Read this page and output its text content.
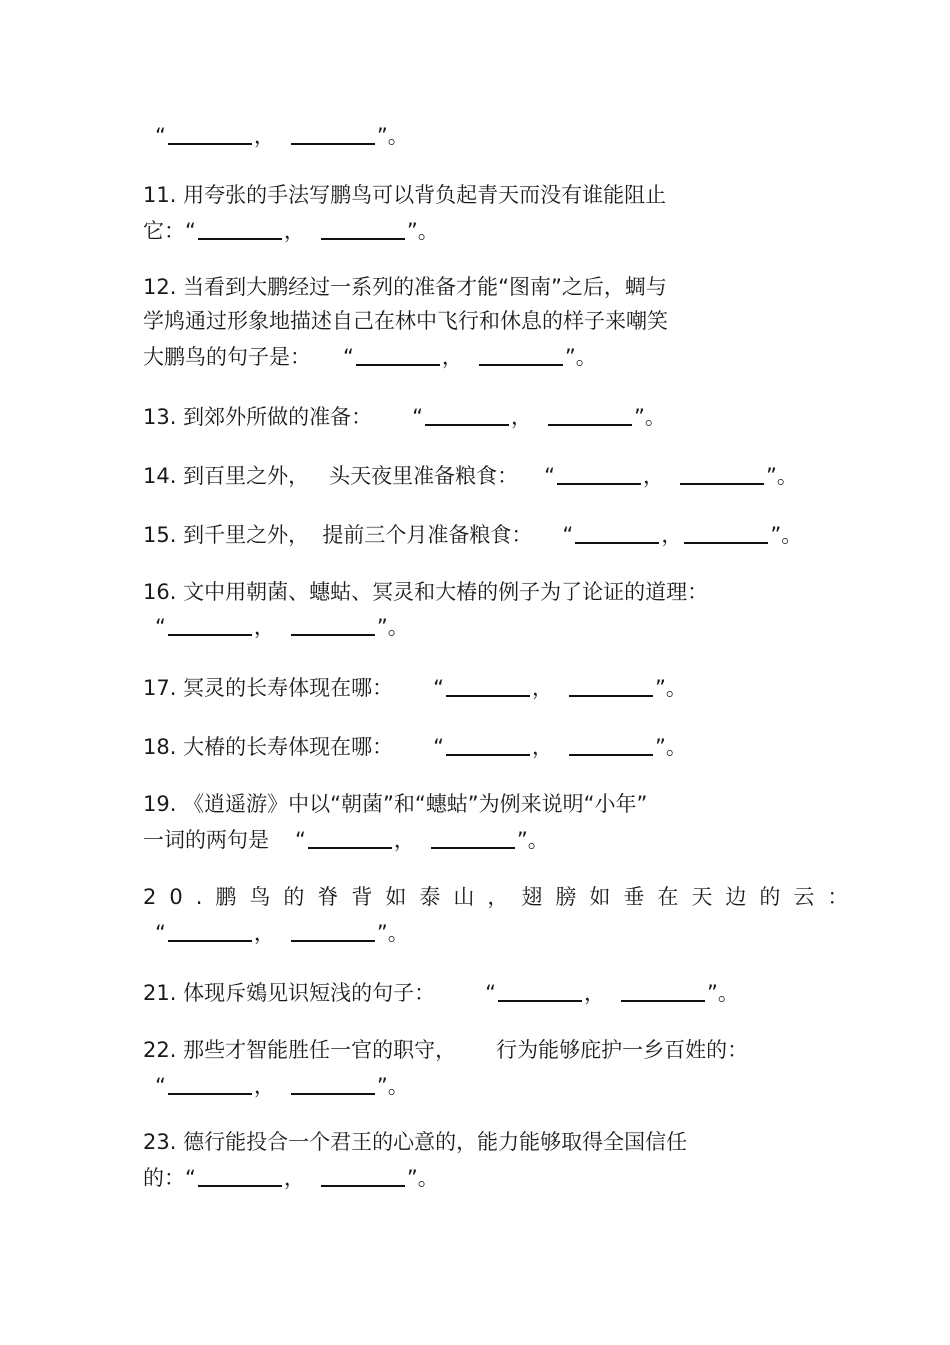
“	，	”。
11. 用夸张的手法写鹏鸟可以背负起青天而没有谁能阻止
它：“	，	”。
12. 当看到大鹏经过一系列的准备才能“图南”之后，蜩与
学鸠通过形象地描述自己在林中飞行和休息的样子来嘲笑
大鹏鸟的句子是： “	，	”。
13. 到郊外所做的准备： “	，	”。
14. 到百里之外，   头天夜里准备粮食： “	，	”。
15. 到千里之外，  提前三个月准备粮食： “	，	”。
16. 文中用朝菌、蟪蛄、冥灵和大椿的例子为了论证的道理：
“	，	”。
17. 冥灵的长寿体现在哪： “	，	”。
18. 大椿的长寿体现在哪： “	，	”。
19. 《逍遥游》中以“朝菌”和“蟪蛄”为例来说明“小年”
一词的两句是 “	，	”。
20.鹏鸟的脊背如泰山，翅膀如垂在天边的云：
“	，	”。
21. 体现斥鴳见识短浅的句子： “	，	”。
22. 那些才智能胜任一官的职守，      行为能够庇护一乡百姓的：
“	，	”。
23. 德行能投合一个君王的心意的，能力能够取得全国信任
的：“	，	”。
